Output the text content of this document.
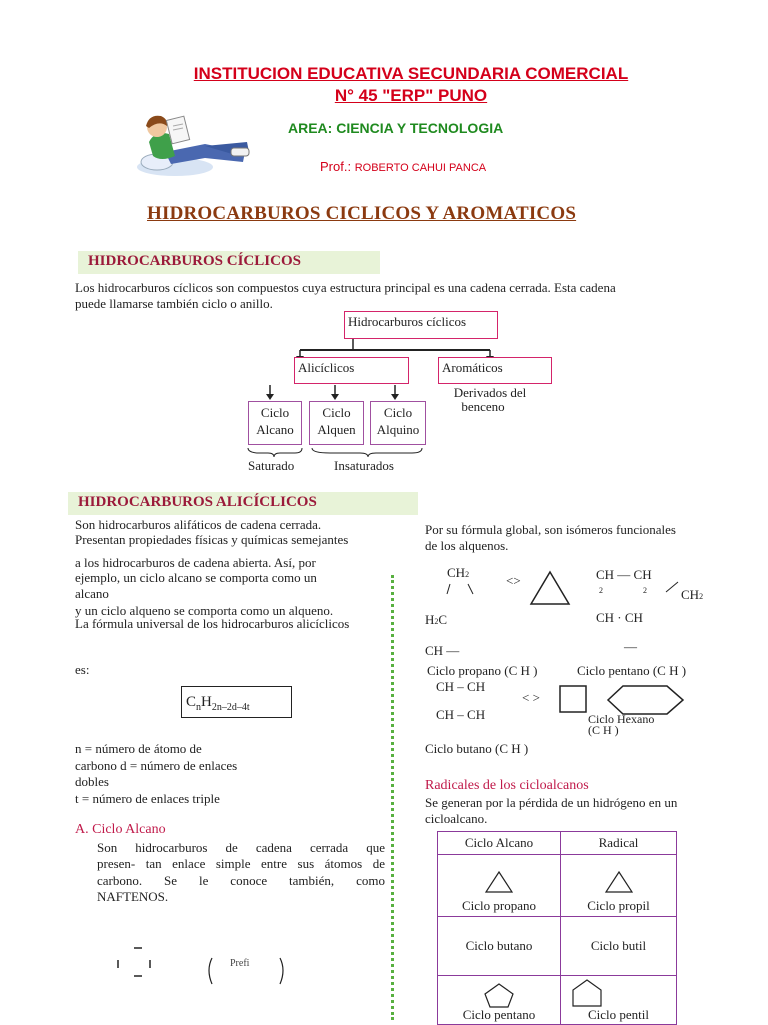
INSTITUCION EDUCATIVA SECUNDARIA COMERCIAL
N° 45 "ERP" PUNO
AREA: CIENCIA Y TECNOLOGIA
Prof.: ROBERTO CAHUI PANCA
HIDROCARBUROS CICLICOS Y AROMATICOS
HIDROCARBUROS CÍCLICOS
Los hidrocarburos cíclicos son compuestos cuya estructura principal es una cadena cerrada. Esta cadena
puede llamarse también ciclo o anillo.
Hidrocarburos cíclicos
Alicíclicos	Aromáticos
Derivados del
benceno
Ciclo
Alcano
Ciclo
Alquen
Ciclo
Alquino
Saturado	Insaturados
HIDROCARBUROS ALICÍCLICOS
Son hidrocarburos alifáticos de cadena cerrada.
Presentan propiedades físicas y químicas semejantes
a los hidrocarburos de cadena abierta. Así, por
ejemplo, un ciclo alcano se comporta como un
alcano
y un ciclo alqueno se comporta como un alqueno.
La fórmula universal de los hidrocarburos alicíclicos
es:
$C_nH_{2n-2d-4t}$
n = número de átomo de
carbono d = número de enlaces
dobles
t = número de enlaces triple
A. Ciclo Alcano
Son hidrocarburos de cadena cerrada que
presen- tan enlace simple entre sus átomos de
carbono. Se le conoce también, como
NAFTENOS.
Prefi
Por su fórmula global, son isómeros funcionales
de los alquenos.
CH2	<>
H2C
CH —
Ciclo propano (C H )
CH — CH
2	2	CH2
CH · CH
—
Ciclo pentano (C H )
CH – CH
< >
CH – CH	Ciclo Hexano
(C H )
Ciclo butano (C H )
Radicales de los cicloalcanos
Se generan por la pérdida de un hidrógeno en un
cicloalcano.
Ciclo Alcano	Radical

Ciclo propano	Ciclo propil
Ciclo butano	Ciclo butil

Ciclo pentano	Ciclo pentil
